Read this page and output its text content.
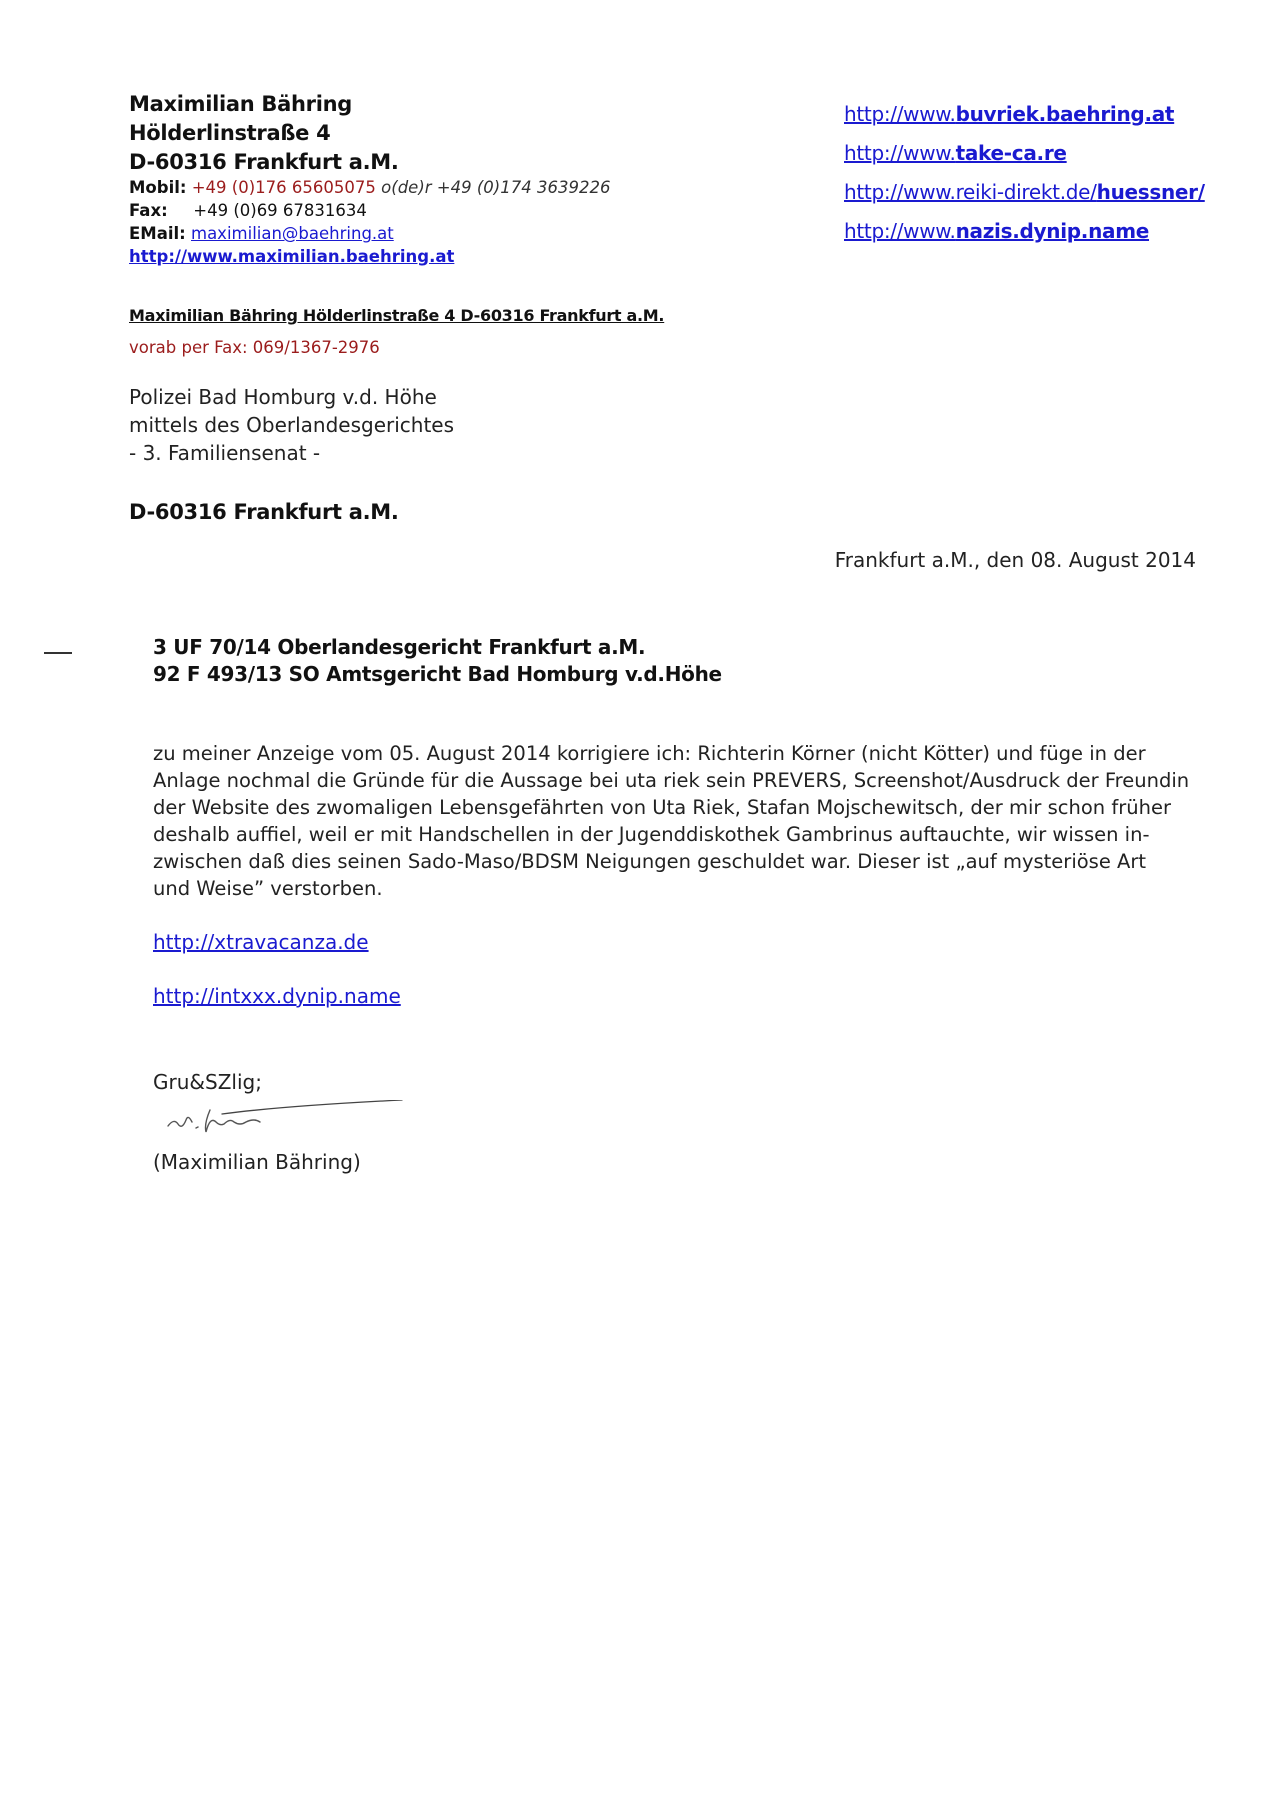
Maximilian Bähring
Hölderlinstraße 4
D-60316 Frankfurt a.M.
Mobil: +49 (0)176 65605075 o(de)r +49 (0)174 3639226
Fax: +49 (0)69 67831634
EMail: maximilian@baehring.at
http://www.maximilian.baehring.at
http://www.buvriek.baehring.at
http://www.take-ca.re
http://www.reiki-direkt.de/huessner/
http://www.nazis.dynip.name
Maximilian Bähring Hölderlinstraße 4 D-60316 Frankfurt a.M.
vorab per Fax: 069/1367-2976
Polizei Bad Homburg v.d. Höhe
mittels des Oberlandesgerichtes
- 3. Familiensenat -
D-60316 Frankfurt a.M.
Frankfurt a.M., den 08. August 2014
3 UF 70/14 Oberlandesgericht Frankfurt a.M.
92 F 493/13 SO Amtsgericht Bad Homburg v.d.Höhe

zu meiner Anzeige vom 05. August 2014 korrigiere ich: Richterin Körner (nicht Kötter) und füge in der

Anlage nochmal die Gründe für die Aussage bei uta riek sein PREVERS, Screenshot/Ausdruck der Freundin

der Website des zwomaligen Lebensgefährten von Uta Riek, Stafan Mojschewitsch, der mir schon früher

deshalb auffiel, weil er mit Handschellen in der Jugenddiskothek Gambrinus auftauchte, wir wissen in-

zwischen daß dies seinen Sado-Maso/BDSM Neigungen geschuldet war. Dieser ist „auf mysteriöse Art

und Weise” verstorben.

http://xtravacanza.de
http://intxxx.dynip.name
Gru&SZlig;
(Maximilian Bähring)
